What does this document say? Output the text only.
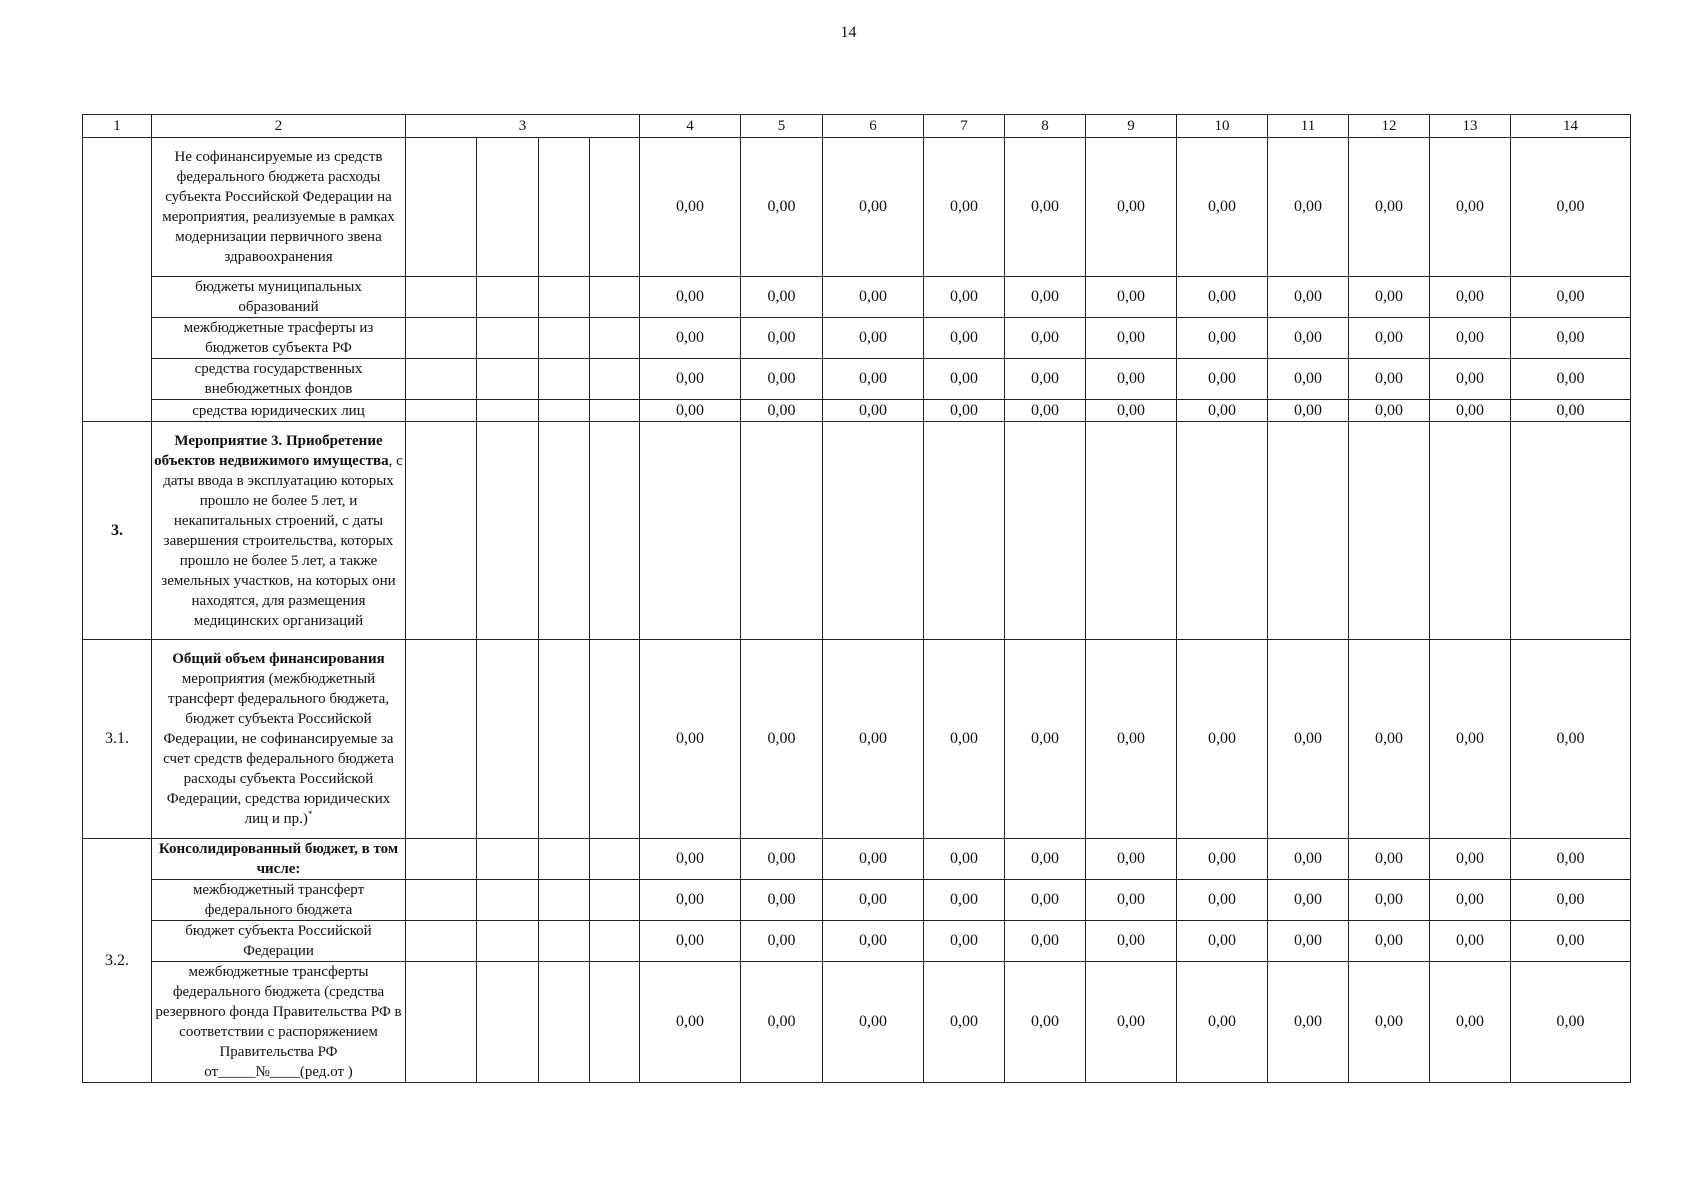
14
1	2	3				4	5	6	7	8	9	10	11	12	13	14
	Не софинансируемые из средств федерального бюджета расходы субъекта Российской Федерации на мероприятия, реализуемые в рамках модернизации первичного звена здравоохранения					0,00	0,00	0,00	0,00	0,00	0,00	0,00	0,00	0,00	0,00	0,00
	бюджеты муниципальных образований					0,00	0,00	0,00	0,00	0,00	0,00	0,00	0,00	0,00	0,00	0,00
	межбюджетные трасферты из бюджетов субъекта РФ					0,00	0,00	0,00	0,00	0,00	0,00	0,00	0,00	0,00	0,00	0,00
	средства государственных внебюджетных фондов					0,00	0,00	0,00	0,00	0,00	0,00	0,00	0,00	0,00	0,00	0,00
	средства юридических лиц					0,00	0,00	0,00	0,00	0,00	0,00	0,00	0,00	0,00	0,00	0,00
3.	Мероприятие 3. Приобретение объектов недвижимого имущества, с даты ввода в эксплуатацию которых прошло не более 5 лет, и некапитальных строений, с даты завершения строительства, которых прошло не более 5 лет, а также земельных участков, на которых они находятся, для размещения медицинских организаций															
3.1.	Общий объем финансирования мероприятия (межбюджетный трансферт федерального бюджета, бюджет субъекта Российской Федерации, не софинансируемые за счет средств федерального бюджета расходы субъекта Российской Федерации, средства юридических лиц и пр.)*					0,00	0,00	0,00	0,00	0,00	0,00	0,00	0,00	0,00	0,00	0,00
3.2.	Консолидированный бюджет, в том числе:					0,00	0,00	0,00	0,00	0,00	0,00	0,00	0,00	0,00	0,00	0,00
	межбюджетный трансферт федерального бюджета					0,00	0,00	0,00	0,00	0,00	0,00	0,00	0,00	0,00	0,00	0,00
	бюджет субъекта Российской Федерации					0,00	0,00	0,00	0,00	0,00	0,00	0,00	0,00	0,00	0,00	0,00
	межбюджетные трансферты федерального бюджета (средства резервного фонда Правительства РФ в соответствии с распоряжением Правительства РФ от_____№____(ред.от )					0,00	0,00	0,00	0,00	0,00	0,00	0,00	0,00	0,00	0,00	0,00
